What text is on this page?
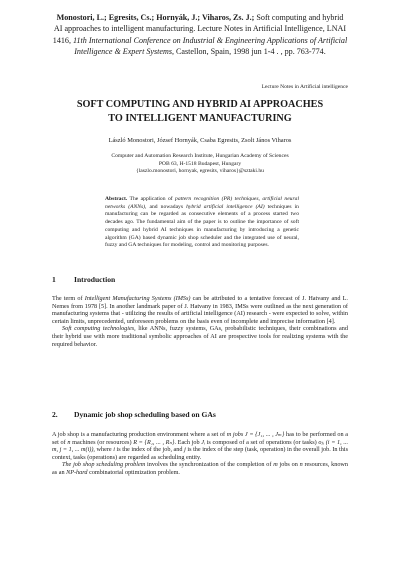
Monostori, L.; Egresits, Cs.; Hornyák, J.; Viharos, Zs. J.; Soft computing and hybrid AI approaches to intelligent manufacturing. Lecture Notes in Artificial Intelligence, LNAI 1416, 11th International Conference on Industrial & Engineering Applications of Artificial Intelligence & Expert Systems, Castellon, Spain, 1998 jun 1-4 . , pp. 763-774.
Lecture Notes in Artificial intelligence
SOFT COMPUTING AND HYBRID AI APPROACHES
TO INTELLIGENT MANUFACTURING
László Monostori, József Hornyák, Csaba Egresits, Zsolt János Viharos
Computer and Automation Research Institute, Hungarian Academy of Sciences
POB 63, H-1518 Budapest, Hungary
{laszlo.monostori, hornyak, egresits, viharos}@sztaki.hu
Abstract. The application of pattern recognition (PR) techniques, artificial neural networks (ANNs), and nowadays hybrid artificial intelligence (AI) techniques in manufacturing can be regarded as consecutive elements of a process started two decades ago. The fundamental aim of the paper is to outline the importance of soft computing and hybrid AI techniques in manufacturing by introducing a genetic algorithm (GA) based dynamic job shop scheduler and the integrated use of neural, fuzzy and GA techniques for modeling, control and monitoring purposes.
1 Introduction

The term of Intelligent Manufacturing Systems (IMSs) can be attributed to a tentative forecast of J. Hatvany and L. Nemes from 1978 [5]. In another landmark paper of J. Hatvany in 1983, IMSs were outlined as the next generation of manufacturing systems that - utilizing the results of artificial intelligence (AI) research - were expected to solve, within certain limits, unprecedented, unforeseen problems on the basis even of incomplete and imprecise information [4].

Soft computing technologies, like ANNs, fuzzy systems, GAs, probabilistic techniques, their combinations and their hybrid use with more traditional symbolic approaches of AI are prospective tools for realizing systems with the required behavior.

2. Dynamic job shop scheduling based on GAs

A job shop is a manufacturing production environment where a set of m jobs J = {J₁, ... , Jₘ} has to be performed on a set of n machines (or resources) R = {R₁, ... , Rₙ}. Each job Jᵢ is composed of a set of operations (or tasks) oⱼᵢ (i = 1, ... m, j = 1, ... m(i)), where i is the index of the job, and j is the index of the step (task, operation) in the overall job. In this context, tasks (operations) are regarded as scheduling entity.

The job shop scheduling problem involves the synchronization of the completion of m jobs on n resources, known as an NP-hard combinatorial optimization problem.
